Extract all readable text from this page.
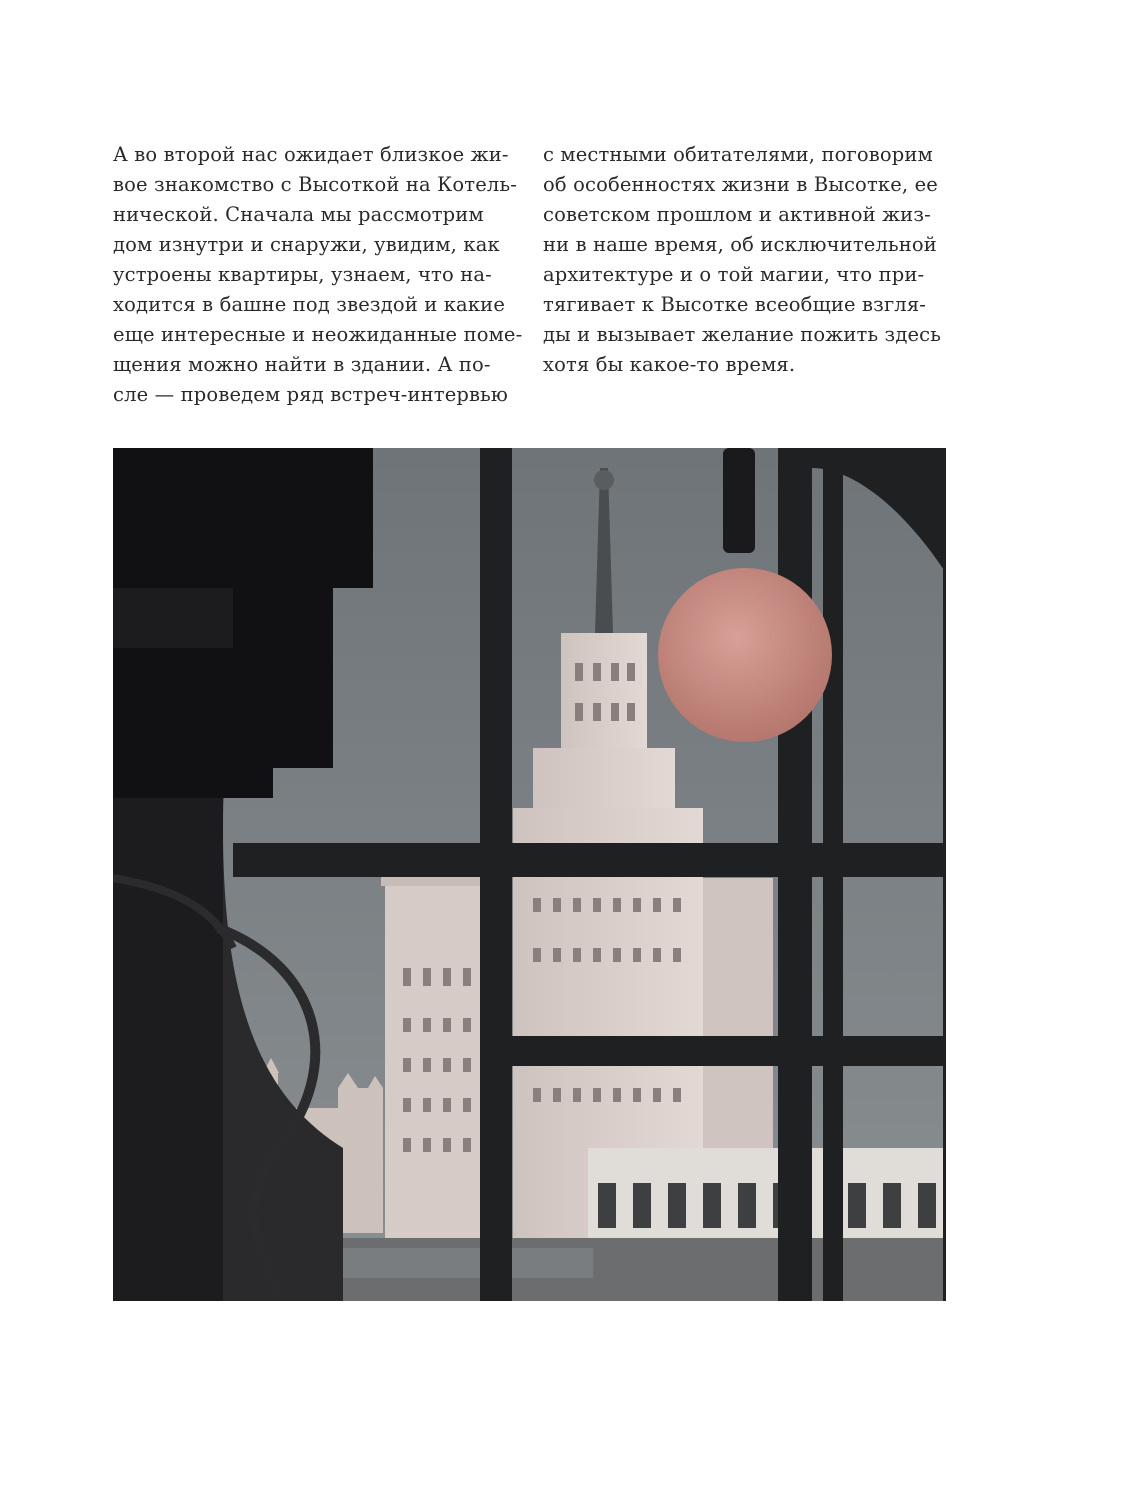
А во второй нас ожидает близкое жи-
вое знакомство с Высоткой на Котель-
нической. Сначала мы рассмотрим
дом изнутри и снаружи, увидим, как
устроены квартиры, узнаем, что на-
ходится в башне под звездой и какие
еще интересные и неожиданные поме-
щения можно найти в здании. А по-
сле — проведем ряд встреч-интервью
с местными обитателями, поговорим
об особенностях жизни в Высотке, ее
советском прошлом и активной жиз-
ни в наше время, об исключительной
архитектуре и о той магии, что при-
тягивает к Высотке всеобщие взгля-
ды и вызывает желание пожить здесь
хотя бы какое-то время.
